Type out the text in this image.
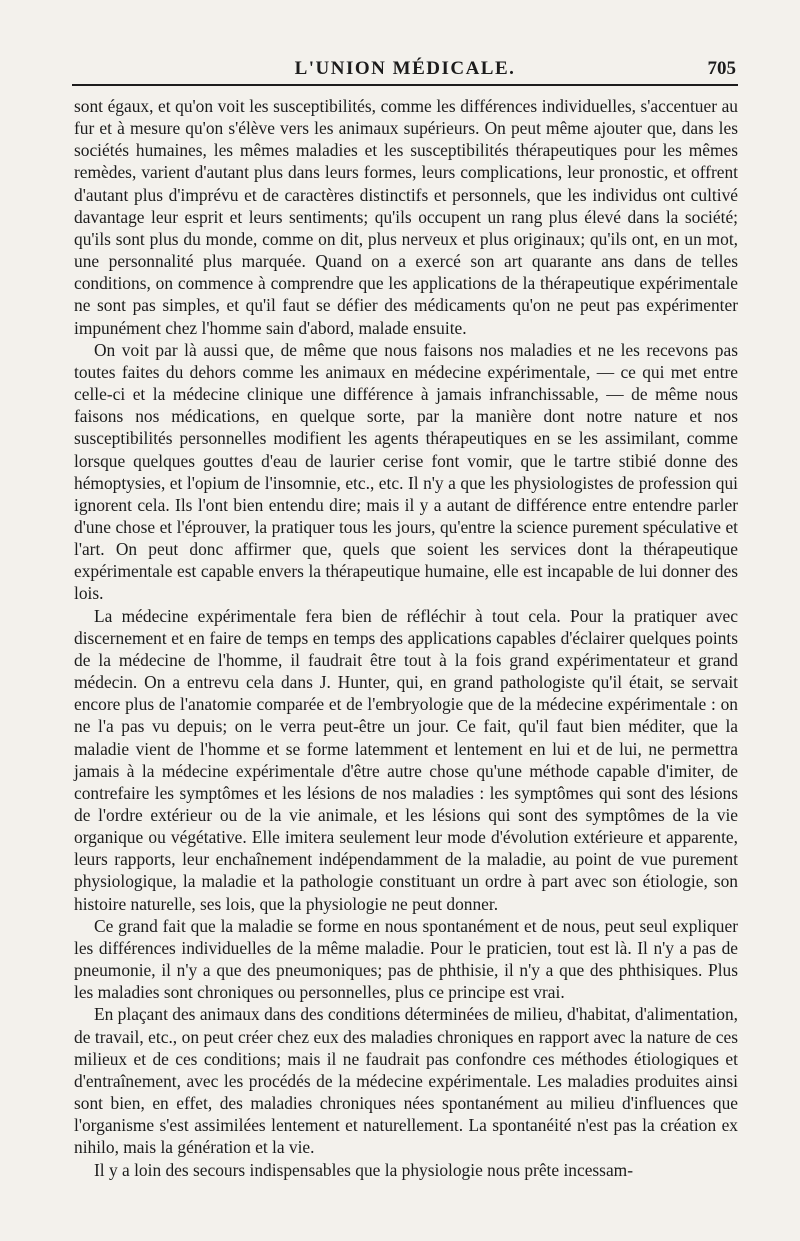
L'UNION MÉDICALE.	705

sont égaux, et qu'on voit les susceptibilités, comme les différences individuelles, s'accentuer au fur et à mesure qu'on s'élève vers les animaux supérieurs. On peut même ajouter que, dans les sociétés humaines, les mêmes maladies et les susceptibilités thérapeutiques pour les mêmes remèdes, varient d'autant plus dans leurs formes, leurs complications, leur pronostic, et offrent d'autant plus d'imprévu et de caractères distinctifs et personnels, que les individus ont cultivé davantage leur esprit et leurs sentiments; qu'ils occupent un rang plus élevé dans la société; qu'ils sont plus du monde, comme on dit, plus nerveux et plus originaux; qu'ils ont, en un mot, une personnalité plus marquée. Quand on a exercé son art quarante ans dans de telles conditions, on commence à comprendre que les applications de la thérapeutique expérimentale ne sont pas simples, et qu'il faut se défier des médicaments qu'on ne peut pas expérimenter impunément chez l'homme sain d'abord, malade ensuite.

On voit par là aussi que, de même que nous faisons nos maladies et ne les recevons pas toutes faites du dehors comme les animaux en médecine expérimentale, — ce qui met entre celle-ci et la médecine clinique une différence à jamais infranchissable, — de même nous faisons nos médications, en quelque sorte, par la manière dont notre nature et nos susceptibilités personnelles modifient les agents thérapeutiques en se les assimilant, comme lorsque quelques gouttes d'eau de laurier cerise font vomir, que le tartre stibié donne des hémoptysies, et l'opium de l'insomnie, etc., etc. Il n'y a que les physiologistes de profession qui ignorent cela. Ils l'ont bien entendu dire; mais il y a autant de différence entre entendre parler d'une chose et l'éprouver, la pratiquer tous les jours, qu'entre la science purement spéculative et l'art. On peut donc affirmer que, quels que soient les services dont la thérapeutique expérimentale est capable envers la thérapeutique humaine, elle est incapable de lui donner des lois.

La médecine expérimentale fera bien de réfléchir à tout cela. Pour la pratiquer avec discernement et en faire de temps en temps des applications capables d'éclairer quelques points de la médecine de l'homme, il faudrait être tout à la fois grand expérimentateur et grand médecin. On a entrevu cela dans J. Hunter, qui, en grand pathologiste qu'il était, se servait encore plus de l'anatomie comparée et de l'embryologie que de la médecine expérimentale : on ne l'a pas vu depuis; on le verra peut-être un jour. Ce fait, qu'il faut bien méditer, que la maladie vient de l'homme et se forme latemment et lentement en lui et de lui, ne permettra jamais à la médecine expérimentale d'être autre chose qu'une méthode capable d'imiter, de contrefaire les symptômes et les lésions de nos maladies : les symptômes qui sont des lésions de l'ordre extérieur ou de la vie animale, et les lésions qui sont des symptômes de la vie organique ou végétative. Elle imitera seulement leur mode d'évolution extérieure et apparente, leurs rapports, leur enchaînement indépendamment de la maladie, au point de vue purement physiologique, la maladie et la pathologie constituant un ordre à part avec son étiologie, son histoire naturelle, ses lois, que la physiologie ne peut donner.

Ce grand fait que la maladie se forme en nous spontanément et de nous, peut seul expliquer les différences individuelles de la même maladie. Pour le praticien, tout est là. Il n'y a pas de pneumonie, il n'y a que des pneumoniques; pas de phthisie, il n'y a que des phthisiques. Plus les maladies sont chroniques ou personnelles, plus ce principe est vrai.

En plaçant des animaux dans des conditions déterminées de milieu, d'habitat, d'alimentation, de travail, etc., on peut créer chez eux des maladies chroniques en rapport avec la nature de ces milieux et de ces conditions; mais il ne faudrait pas confondre ces méthodes étiologiques et d'entraînement, avec les procédés de la médecine expérimentale. Les maladies produites ainsi sont bien, en effet, des maladies chroniques nées spontanément au milieu d'influences que l'organisme s'est assimilées lentement et naturellement. La spontanéité n'est pas la création ex nihilo, mais la génération et la vie.

Il y a loin des secours indispensables que la physiologie nous prête incessam-
